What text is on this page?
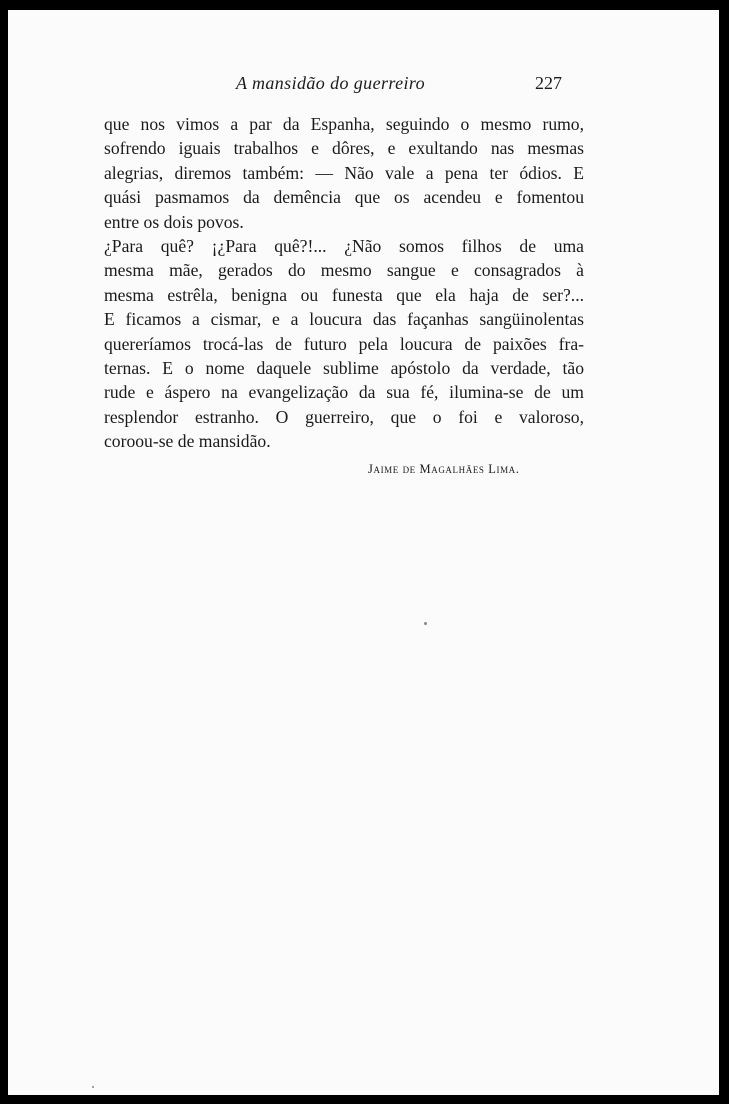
A mansidão do guerreiro	227
que nos vimos a par da Espanha, seguindo o mesmo rumo,
sofrendo iguais trabalhos e dôres, e exultando nas mesmas
alegrias, diremos também: — Não vale a pena ter ódios. E
quási pasmamos da demência que os acendeu e fomentou
entre os dois povos.
¿Para quê? ¡¿Para quê?!... ¿Não somos filhos de uma
mesma mãe, gerados do mesmo sangue e consagrados à
mesma estrêla, benigna ou funesta que ela haja de ser?...
E ficamos a cismar, e a loucura das façanhas sangüinolentas
quereríamos trocá-las de futuro pela loucura de paixões fra-
ternas. E o nome daquele sublime apóstolo da verdade, tão
rude e áspero na evangelização da sua fé, ilumina-se de um
resplendor estranho. O guerreiro, que o foi e valoroso,
coroou-se de mansidão.
Jaime de Magalhães Lima.
